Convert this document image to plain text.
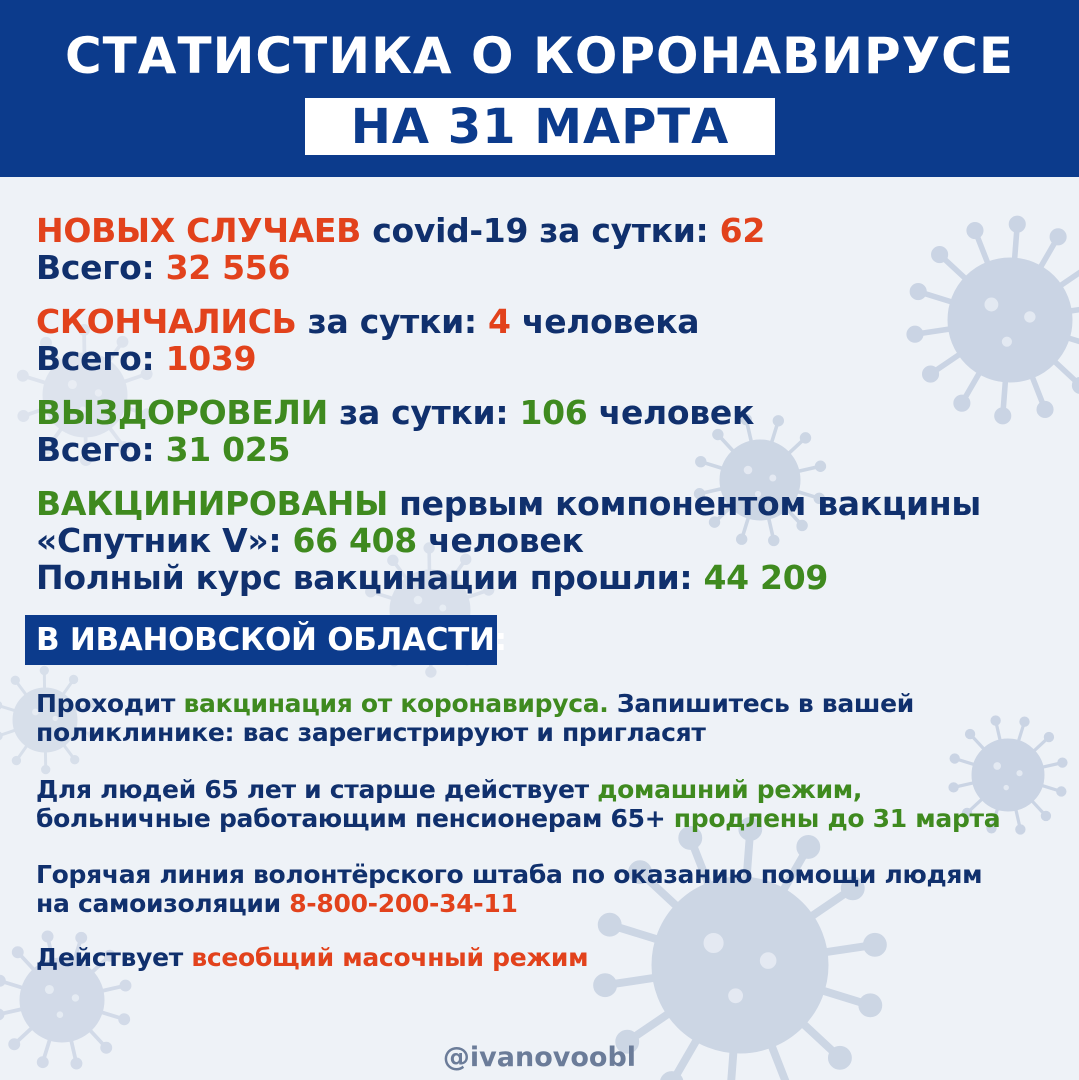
СТАТИСТИКА О КОРОНАВИРУСЕ
НА 31 МАРТА
НОВЫХ СЛУЧАЕВ covid-19 за сутки: 62
Всего: 32 556
СКОНЧАЛИСЬ за сутки: 4 человека
Всего: 1039
ВЫЗДОРОВЕЛИ за сутки: 106 человек
Всего: 31 025
ВАКЦИНИРОВАНЫ первым компонентом вакцины
«Спутник V»: 66 408 человек
Полный курс вакцинации прошли: 44 209
В ИВАНОВСКОЙ ОБЛАСТИ:
Проходит вакцинация от коронавируса. Запишитесь в вашей
поликлинике: вас зарегистрируют и пригласят
Для людей 65 лет и старше действует домашний режим,
больничные работающим пенсионерам 65+ продлены до 31 марта
Горячая линия волонтёрского штаба по оказанию помощи людям
на самоизоляции 8-800-200-34-11
Действует всеобщий масочный режим
@ivanovoobl
